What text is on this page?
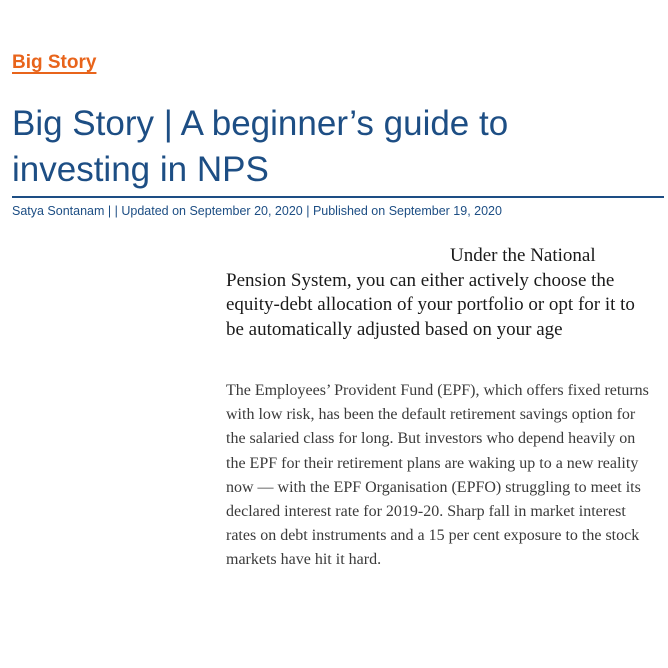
Big Story
Big Story | A beginner’s guide to investing in NPS

Satya Sontanam | | Updated on September 20, 2020 | Published on September 19, 2020

Under the National Pension System, you can either actively choose the equity-debt allocation of your portfolio or opt for it to be automatically adjusted based on your age

The Employees’ Provident Fund (EPF), which offers fixed returns with low risk, has been the default retirement savings option for the salaried class for long. But investors who depend heavily on the EPF for their retirement plans are waking up to a new reality now — with the EPF Organisation (EPFO) struggling to meet its declared interest rate for 2019-20. Sharp fall in market interest rates on debt instruments and a 15 per cent exposure to the stock markets have hit it hard.
